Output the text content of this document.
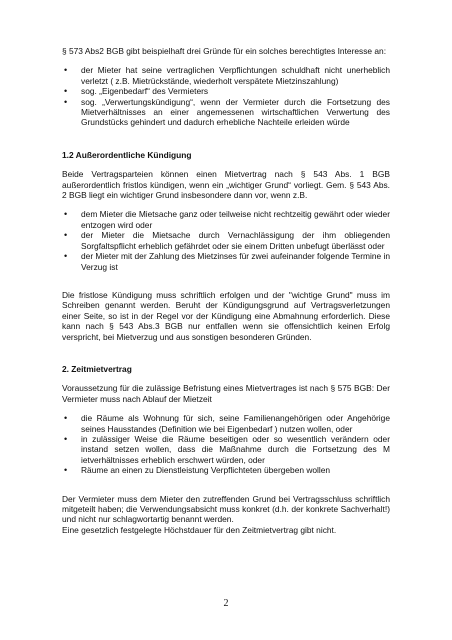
§ 573 Abs2 BGB gibt beispielhaft drei Gründe für ein solches berechtigtes Interesse an:

• der Mieter hat seine vertraglichen Verpflichtungen schuldhaft nicht unerheblich verletzt ( z.B. Mietrückstände, wiederholt verspätete Mietzinszahlung)
• sog. „Eigenbedarf“ des Vermieters
• sog. „Verwertungskündigung“, wenn der Vermieter durch die Fortsetzung des Mietverhältnisses an einer angemessenen wirtschaftlichen Verwertung des Grundstücks gehindert und dadurch erhebliche Nachteile erleiden würde
1.2 Außerordentliche Kündigung

Beide Vertragsparteien können einen Mietvertrag nach § 543 Abs. 1 BGB außerordentlich fristlos kündigen, wenn ein „wichtiger Grund“ vorliegt. Gem. § 543 Abs. 2 BGB liegt ein wichtiger Grund insbesondere dann vor, wenn z.B.

• dem Mieter die Mietsache ganz oder teilweise nicht rechtzeitig gewährt oder wieder entzogen wird oder
• der Mieter die Mietsache durch Vernachlässigung der ihm obliegenden Sorgfaltspflicht erheblich gefährdet oder sie einem Dritten unbefugt überlässt oder
• der Mieter mit der Zahlung des Mietzinses für zwei aufeinander folgende Termine in Verzug ist

Die fristlose Kündigung muss schriftlich erfolgen und der "wichtige Grund" muss im Schreiben genannt werden. Beruht der Kündigungsgrund auf Vertragsverletzungen einer Seite, so ist in der Regel vor der Kündigung eine Abmahnung erforderlich. Diese kann nach § 543 Abs.3 BGB nur entfallen wenn sie offensichtlich keinen Erfolg verspricht, bei Mietverzug und aus sonstigen besonderen Gründen.

2. Zeitmietvertrag

Voraussetzung für die zulässige Befristung eines Mietvertrages ist nach § 575 BGB: Der Vermieter muss nach Ablauf der Mietzeit

• die Räume als Wohnung für sich, seine Familienangehörigen oder Angehörige seines Hausstandes (Definition wie bei Eigenbedarf ) nutzen wollen, oder
• in zulässiger Weise die Räume beseitigen oder so wesentlich verändern oder instand setzen wollen, dass die Maßnahme durch die Fortsetzung des M ietverhältnisses erheblich erschwert würden, oder
• Räume an einen zu Dienstleistung Verpflichteten übergeben wollen

Der Vermieter muss dem Mieter den zutreffenden Grund bei Vertragsschluss schriftlich mitgeteilt haben; die Verwendungsabsicht muss konkret (d.h. der konkrete Sachverhalt!) und nicht nur schlagwortartig benannt werden.

Eine gesetzlich festgelegte Höchstdauer für den Zeitmietvertrag gibt nicht.

2
